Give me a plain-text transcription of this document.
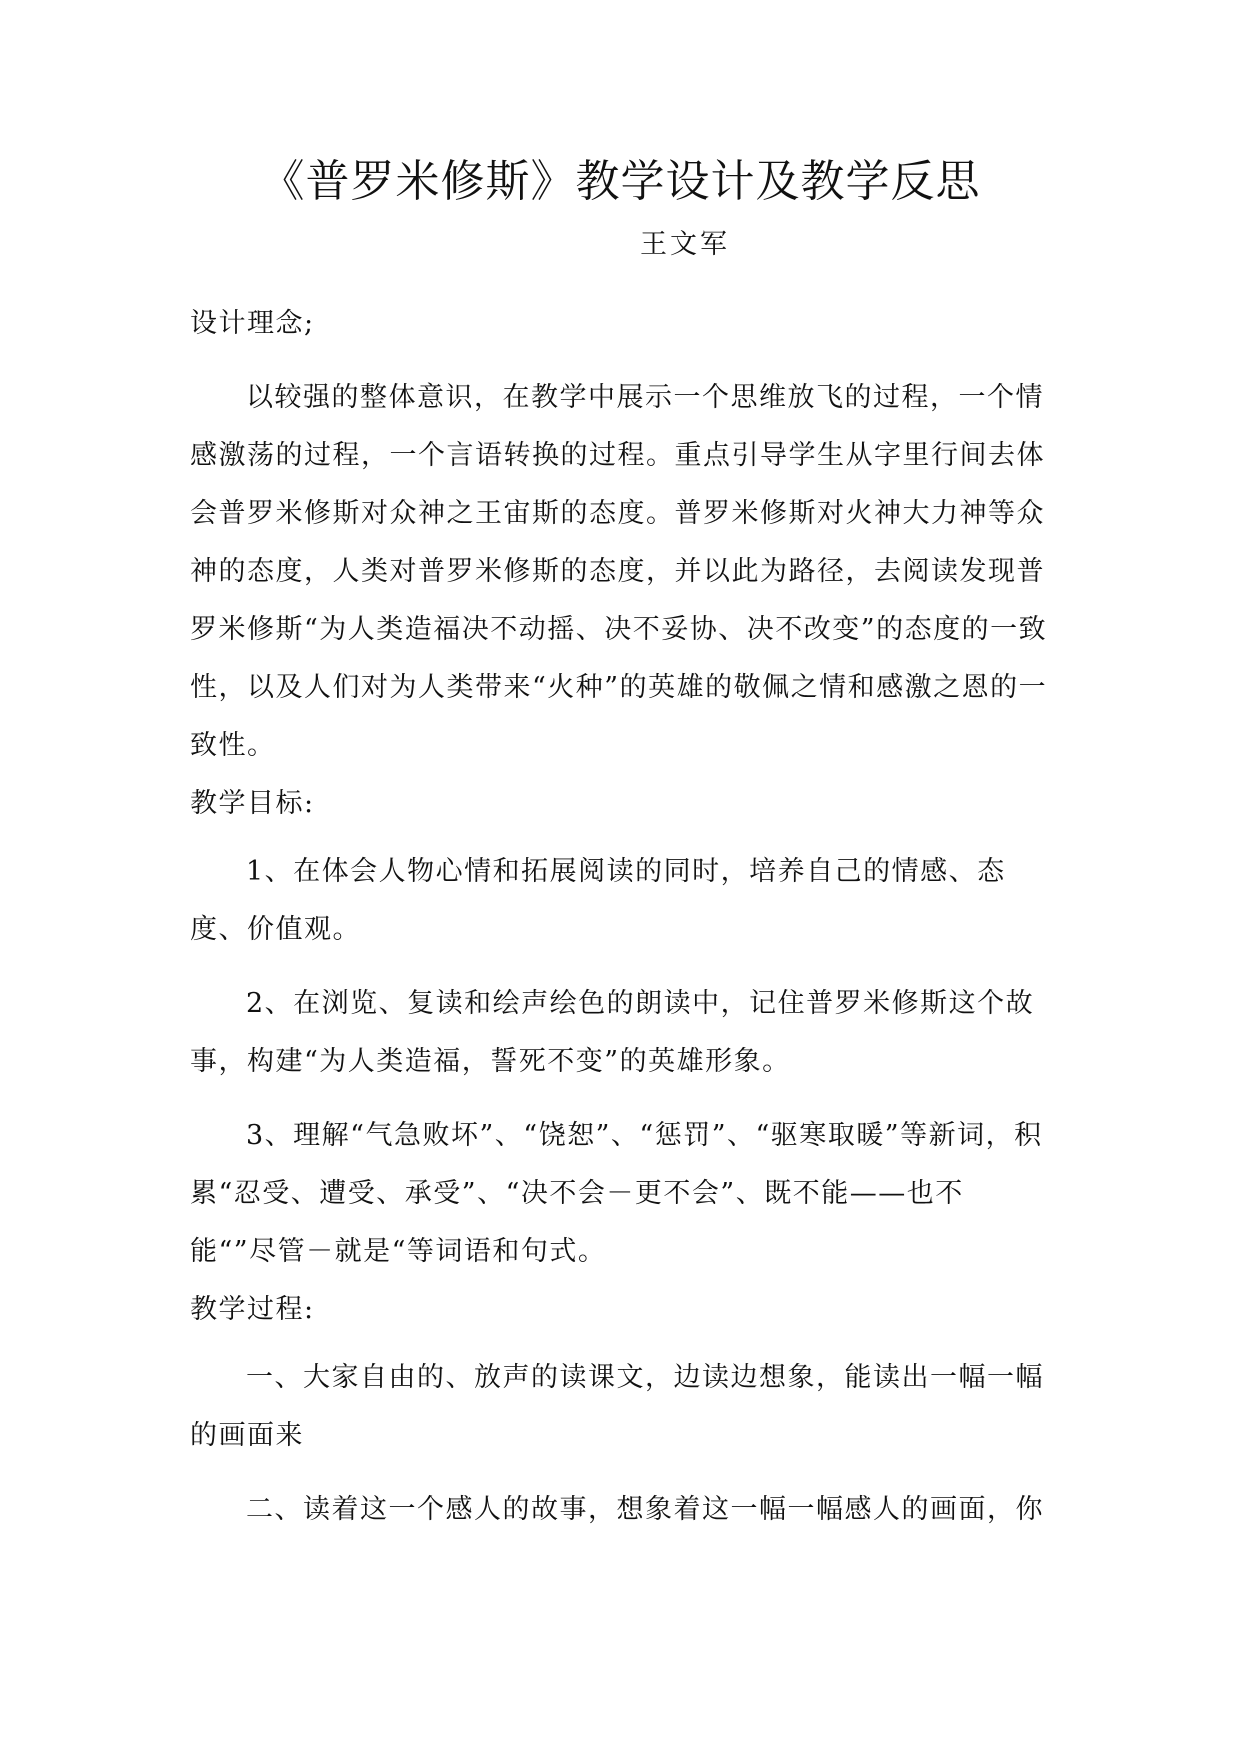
《普罗米修斯》教学设计及教学反思
王文军

设计理念;

以较强的整体意识，在教学中展示一个思维放飞的过程，一个情感激荡的过程，一个言语转换的过程。重点引导学生从字里行间去体会普罗米修斯对众神之王宙斯的态度。普罗米修斯对火神大力神等众神的态度，人类对普罗米修斯的态度，并以此为路径，去阅读发现普罗米修斯“为人类造福决不动摇、决不妥协、决不改变”的态度的一致性，以及人们对为人类带来“火种”的英雄的敬佩之情和感激之恩的一致性。

教学目标:

1、在体会人物心情和拓展阅读的同时，培养自己的情感、态度、价值观。

2、在浏览、复读和绘声绘色的朗读中，记住普罗米修斯这个故事，构建“为人类造福，誓死不变”的英雄形象。

3、理解“气急败坏”、“饶恕”、“惩罚”、“驱寒取暖”等新词，积累“忍受、遭受、承受”、“决不会－更不会”、既不能——也不能“”尽管－就是“等词语和句式。

教学过程:

一、大家自由的、放声的读课文，边读边想象，能读出一幅一幅的画面来

二、读着这一个感人的故事，想象着这一幅一幅感人的画面，你
